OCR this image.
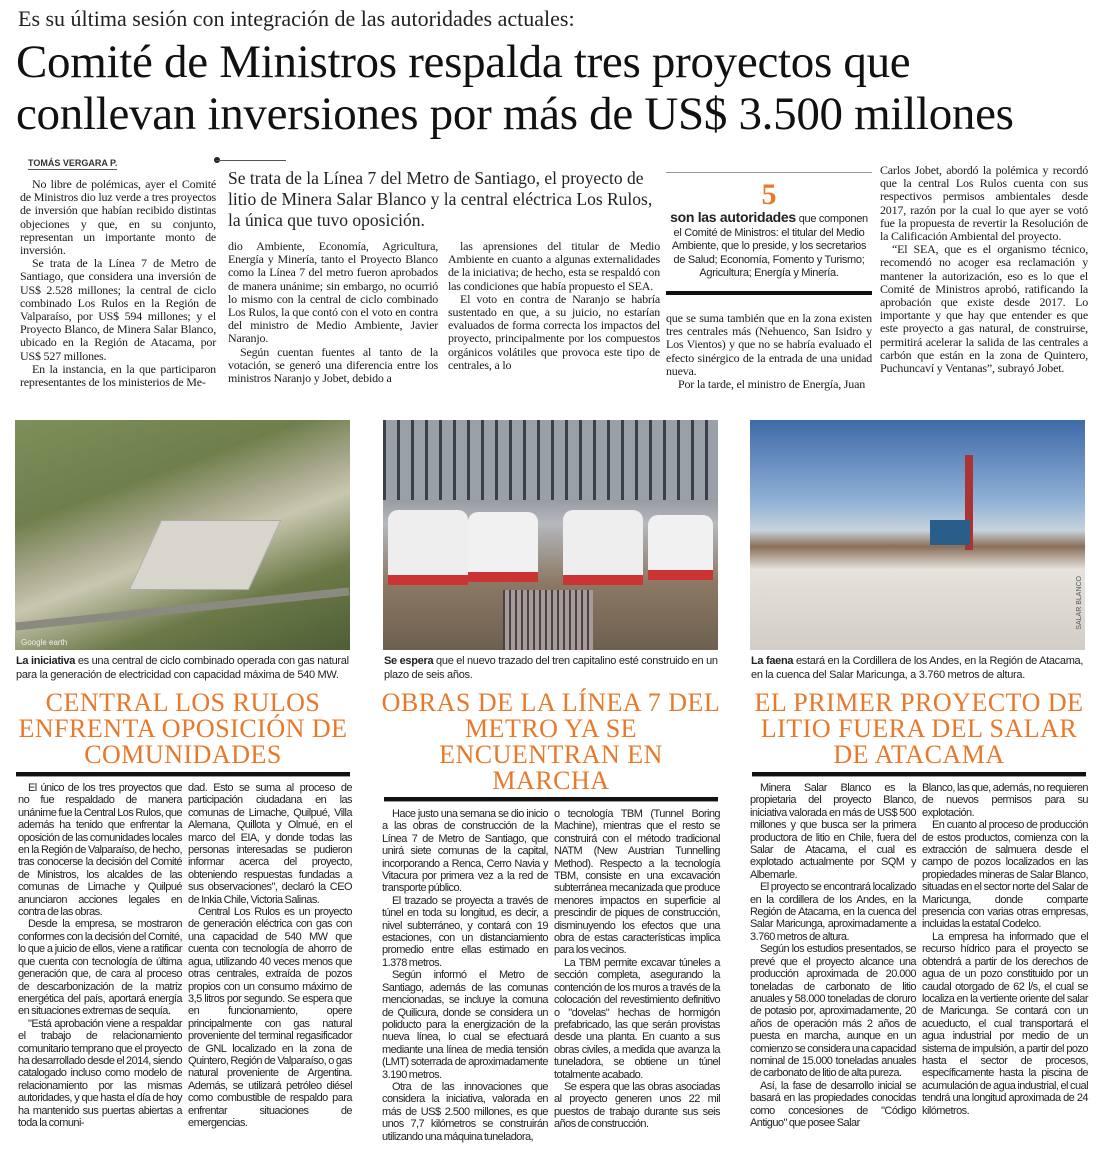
Es su última sesión con integración de las autoridades actuales:
Comité de Ministros respalda tres proyectos que conllevan inversiones por más de US$ 3.500 millones
TOMÁS VERGARA P.
Se trata de la Línea 7 del Metro de Santiago, el proyecto de litio de Minera Salar Blanco y la central eléctrica Los Rulos, la única que tuvo oposición.

No libre de polémicas, ayer el Comité de Ministros dio luz verde a tres proyectos de inversión que habían recibido distintas objeciones y que, en su conjunto, representan un importante monto de inversión.

Se trata de la Línea 7 de Metro de Santiago, que considera una inversión de US$ 2.528 millones; la central de ciclo combinado Los Rulos en la Región de Valparaíso, por US$ 594 millones; y el Proyecto Blanco, de Minera Salar Blanco, ubicado en la Región de Atacama, por US$ 527 millones.

En la instancia, en la que participaron representantes de los ministerios de Me-

dio Ambiente, Economía, Agricultura, Energía y Minería, tanto el Proyecto Blanco como la Línea 7 del metro fueron aprobados de manera unánime; sin embargo, no ocurrió lo mismo con la central de ciclo combinado Los Rulos, la que contó con el voto en contra del ministro de Medio Ambiente, Javier Naranjo.

Según cuentan fuentes al tanto de la votación, se generó una diferencia entre los ministros Naranjo y Jobet, debido a

las aprensiones del titular de Medio Ambiente en cuanto a algunas externalidades de la iniciativa; de hecho, esta se respaldó con las condiciones que había propuesto el SEA.

El voto en contra de Naranjo se habría sustentado en que, a su juicio, no estarían evaluados de forma correcta los impactos del proyecto, principalmente por los compuestos orgánicos volátiles que provoca este tipo de centrales, a lo

5
son las autoridades que componen el Comité de Ministros: el titular del Medio Ambiente, que lo preside, y los secretarios de Salud; Economía, Fomento y Turismo; Agricultura; Energía y Minería.

que se suma también que en la zona existen tres centrales más (Nehuenco, San Isidro y Los Vientos) y que no se habría evaluado el efecto sinérgico de la entrada de una unidad nueva.

Por la tarde, el ministro de Energía, Juan

Carlos Jobet, abordó la polémica y recordó que la central Los Rulos cuenta con sus respectivos permisos ambientales desde 2017, razón por la cual lo que ayer se votó fue la propuesta de revertir la Resolución de la Calificación Ambiental del proyecto.

“El SEA, que es el organismo técnico, recomendó no acoger esa reclamación y mantener la autorización, eso es lo que el Comité de Ministros aprobó, ratificando la aprobación que existe desde 2017. Lo importante y que hay que entender es que este proyecto a gas natural, de construirse, permitirá acelerar la salida de las centrales a carbón que están en la zona de Quintero, Puchuncaví y Ventanas”, subrayó Jobet.

Google earth
SALAR BLANCO
La iniciativa es una central de ciclo combinado operada con gas natural para la generación de electricidad con capacidad máxima de 540 MW.
Se espera que el nuevo trazado del tren capitalino esté construido en un plazo de seis años.
La faena estará en la Cordillera de los Andes, en la Región de Atacama, en la cuenca del Salar Maricunga, a 3.760 metros de altura.
CENTRAL LOS RULOS ENFRENTA OPOSICIÓN DE COMUNIDADES
OBRAS DE LA LÍNEA 7 DEL METRO YA SE ENCUENTRAN EN MARCHA
EL PRIMER PROYECTO DE LITIO FUERA DEL SALAR DE ATACAMA

El único de los tres proyectos que no fue respaldado de manera unánime fue la Central Los Rulos, que además ha tenido que enfrentar la oposición de las comunidades locales en la Región de Valparaíso, de hecho, tras conocerse la decisión del Comité de Ministros, los alcaldes de las comunas de Limache y Quilpué anunciaron acciones legales en contra de las obras.

Desde la empresa, se mostraron conformes con la decisión del Comité, lo que a juicio de ellos, viene a ratificar que cuenta con tecnología de última generación que, de cara al proceso de descarbonización de la matriz energética del país, aportará energía en situaciones extremas de sequía.

"Está aprobación viene a respaldar el trabajo de relacionamiento comunitario temprano que el proyecto ha desarrollado desde el 2014, siendo catalogado incluso como modelo de relacionamiento por las mismas autoridades, y que hasta el día de hoy ha mantenido sus puertas abiertas a toda la comuni-

dad. Esto se suma al proceso de participación ciudadana en las comunas de Limache, Quilpué, Villa Alemana, Quillota y Olmué, en el marco del EIA, y donde todas las personas interesadas se pudieron informar acerca del proyecto, obteniendo respuestas fundadas a sus observaciones", declaró la CEO de Inkia Chile, Victoria Salinas.

Central Los Rulos es un proyecto de generación eléctrica con gas con una capacidad de 540 MW que cuenta con tecnología de ahorro de agua, utilizando 40 veces menos que otras centrales, extraída de pozos propios con un consumo máximo de 3,5 litros por segundo. Se espera que en funcionamiento, opere principalmente con gas natural proveniente del terminal regasificador de GNL localizado en la zona de Quintero, Región de Valparaíso, o gas natural proveniente de Argentina. Además, se utilizará petróleo diésel como combustible de respaldo para enfrentar situaciones de emergencias.

Hace justo una semana se dio inicio a las obras de construcción de la Línea 7 de Metro de Santiago, que unirá siete comunas de la capital, incorporando a Renca, Cerro Navia y Vitacura por primera vez a la red de transporte público.

El trazado se proyecta a través de túnel en toda su longitud, es decir, a nivel subterráneo, y contará con 19 estaciones, con un distanciamiento promedio entre ellas estimado en 1.378 metros.

Según informó el Metro de Santiago, además de las comunas mencionadas, se incluye la comuna de Quilicura, donde se considera un poliducto para la energización de la nueva línea, lo cual se efectuará mediante una línea de media tensión (LMT) soterrada de aproximadamente 3.190 metros.

Otra de las innovaciones que considera la iniciativa, valorada en más de US$ 2.500 millones, es que unos 7,7 kilómetros se construirán utilizando una máquina tuneladora,

o tecnología TBM (Tunnel Boring Machine), mientras que el resto se construirá con el método tradicional NATM (New Austrian Tunnelling Method). Respecto a la tecnología TBM, consiste en una excavación subterránea mecanizada que produce menores impactos en superficie al prescindir de piques de construcción, disminuyendo los efectos que una obra de estas características implica para los vecinos.

La TBM permite excavar túneles a sección completa, asegurando la contención de los muros a través de la colocación del revestimiento definitivo o "dovelas" hechas de hormigón prefabricado, las que serán provistas desde una planta. En cuanto a sus obras civiles, a medida que avanza la tuneladora, se obtiene un túnel totalmente acabado.

Se espera que las obras asociadas al proyecto generen unos 22 mil puestos de trabajo durante sus seis años de construcción.

Minera Salar Blanco es la propietaria del proyecto Blanco, iniciativa valorada en más de US$ 500 millones y que busca ser la primera productora de litio en Chile, fuera del Salar de Atacama, el cual es explotado actualmente por SQM y Albemarle.

El proyecto se encontrará localizado en la cordillera de los Andes, en la Región de Atacama, en la cuenca del Salar Maricunga, aproximadamente a 3.760 metros de altura.

Según los estudios presentados, se prevé que el proyecto alcance una producción aproximada de 20.000 toneladas de carbonato de litio anuales y 58.000 toneladas de cloruro de potasio por, aproximadamente, 20 años de operación más 2 años de puesta en marcha, aunque en un comienzo se considera una capacidad nominal de 15.000 toneladas anuales de carbonato de litio de alta pureza.

Así, la fase de desarrollo inicial se basará en las propiedades conocidas como concesiones de "Código Antiguo" que posee Salar

Blanco, las que, además, no requieren de nuevos permisos para su explotación.

En cuanto al proceso de producción de estos productos, comienza con la extracción de salmuera desde el campo de pozos localizados en las propiedades mineras de Salar Blanco, situadas en el sector norte del Salar de Maricunga, donde comparte presencia con varias otras empresas, incluidas la estatal Codelco.

La empresa ha informado que el recurso hídrico para el proyecto se obtendrá a partir de los derechos de agua de un pozo constituido por un caudal otorgado de 62 l/s, el cual se localiza en la vertiente oriente del salar de Maricunga. Se contará con un acueducto, el cual transportará el agua industrial por medio de un sistema de impulsión, a partir del pozo hasta el sector de procesos, específicamente hasta la piscina de acumulación de agua industrial, el cual tendrá una longitud aproximada de 24 kilómetros.
